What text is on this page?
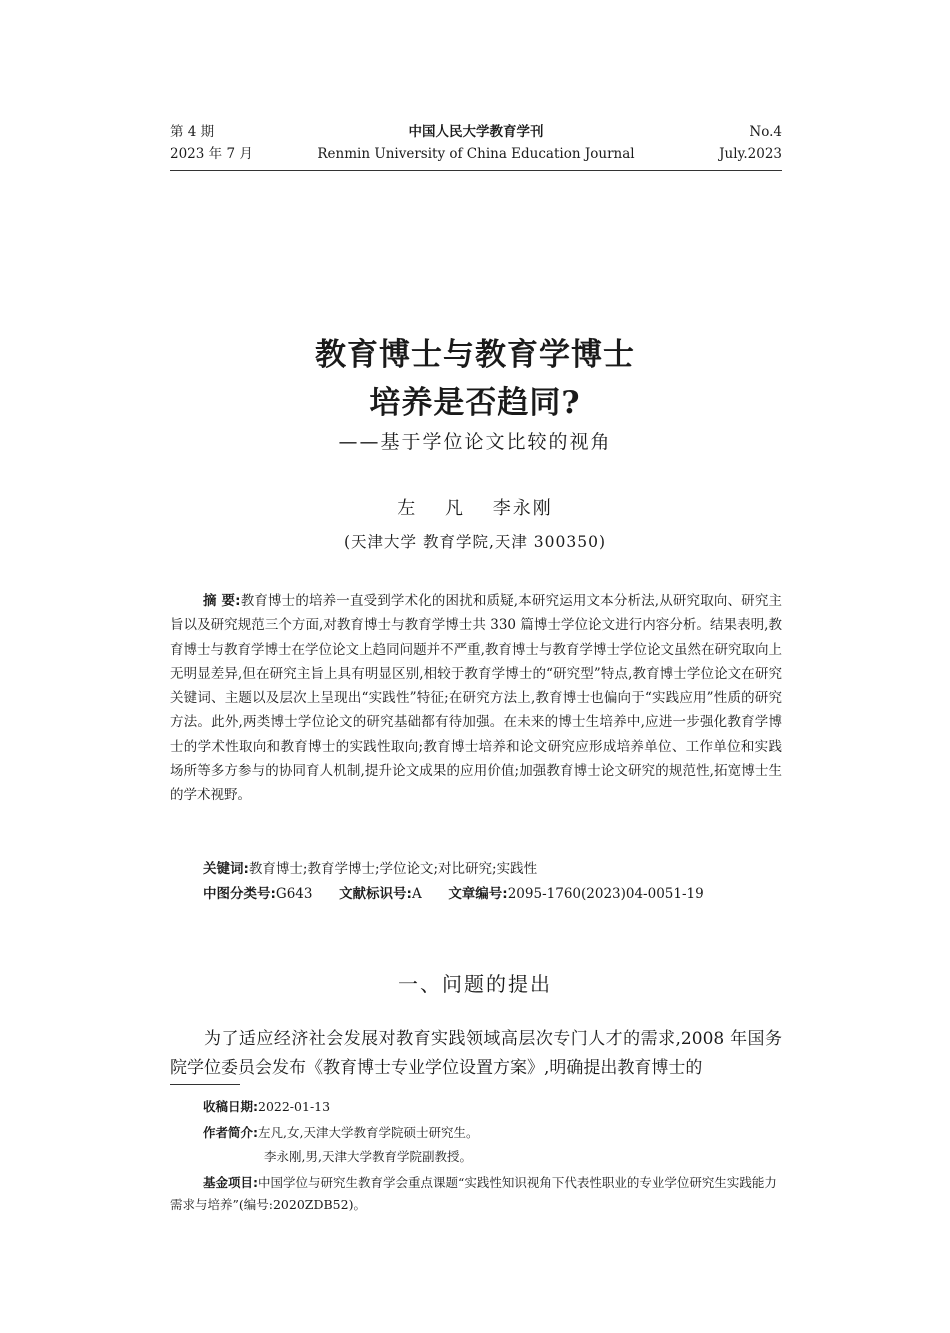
第 4 期
2023 年 7 月
中国人民大学教育学刊
Renmin University of China Education Journal
No.4
July.2023
教育博士与教育学博士
培养是否趋同?
——基于学位论文比较的视角
左 凡 李永刚
(天津大学 教育学院,天津 300350)
摘 要:教育博士的培养一直受到学术化的困扰和质疑,本研究运用文本分析法,从研究取向、研究主旨以及研究规范三个方面,对教育博士与教育学博士共 330 篇博士学位论文进行内容分析。结果表明,教育博士与教育学博士在学位论文上趋同问题并不严重,教育博士与教育学博士学位论文虽然在研究取向上无明显差异,但在研究主旨上具有明显区别,相较于教育学博士的“研究型”特点,教育博士学位论文在研究关键词、主题以及层次上呈现出“实践性”特征;在研究方法上,教育博士也偏向于“实践应用”性质的研究方法。此外,两类博士学位论文的研究基础都有待加强。在未来的博士生培养中,应进一步强化教育学博士的学术性取向和教育博士的实践性取向;教育博士培养和论文研究应形成培养单位、工作单位和实践场所等多方参与的协同育人机制,提升论文成果的应用价值;加强教育博士论文研究的规范性,拓宽博士生的学术视野。
关键词:教育博士;教育学博士;学位论文;对比研究;实践性
中图分类号:G643 文献标识号:A 文章编号:2095-1760(2023)04-0051-19
一、问题的提出
为了适应经济社会发展对教育实践领域高层次专门人才的需求,2008 年国务院学位委员会发布《教育博士专业学位设置方案》,明确提出教育博士的
收稿日期:2022-01-13
作者简介:左凡,女,天津大学教育学院硕士研究生。
李永刚,男,天津大学教育学院副教授。
基金项目:中国学位与研究生教育学会重点课题“实践性知识视角下代表性职业的专业学位研究生实践能力需求与培养”(编号:2020ZDB52)。
